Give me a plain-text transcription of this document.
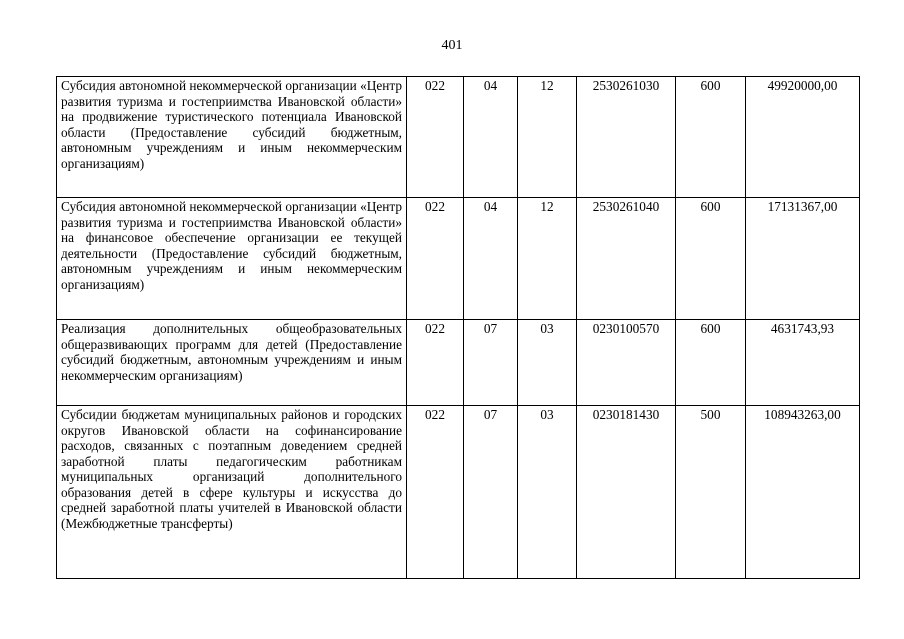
401
Субсидия автономной некоммерческой организации «Центр развития туризма и гостеприимства Ивановской области» на продвижение туристического потенциала Ивановской области (Предоставление субсидий бюджетным, автономным учреждениям и иным некоммерческим организациям)	022	04	12	2530261030	600	49920000,00
Субсидия автономной некоммерческой организации «Центр развития туризма и гостеприимства Ивановской области» на финансовое обеспечение организации ее текущей деятельности (Предоставление субсидий бюджетным, автономным учреждениям и иным некоммерческим организациям)	022	04	12	2530261040	600	17131367,00
Реализация дополнительных общеобразовательных общеразвивающих программ для детей (Предоставление субсидий бюджетным, автономным учреждениям и иным некоммерческим организациям)	022	07	03	0230100570	600	4631743,93
Субсидии бюджетам муниципальных районов и городских округов Ивановской области на софинансирование расходов, связанных с поэтапным доведением средней заработной платы педагогическим работникам муниципальных организаций дополнительного образования детей в сфере культуры и искусства до средней заработной платы учителей в Ивановской области (Межбюджетные трансферты)	022	07	03	0230181430	500	108943263,00
